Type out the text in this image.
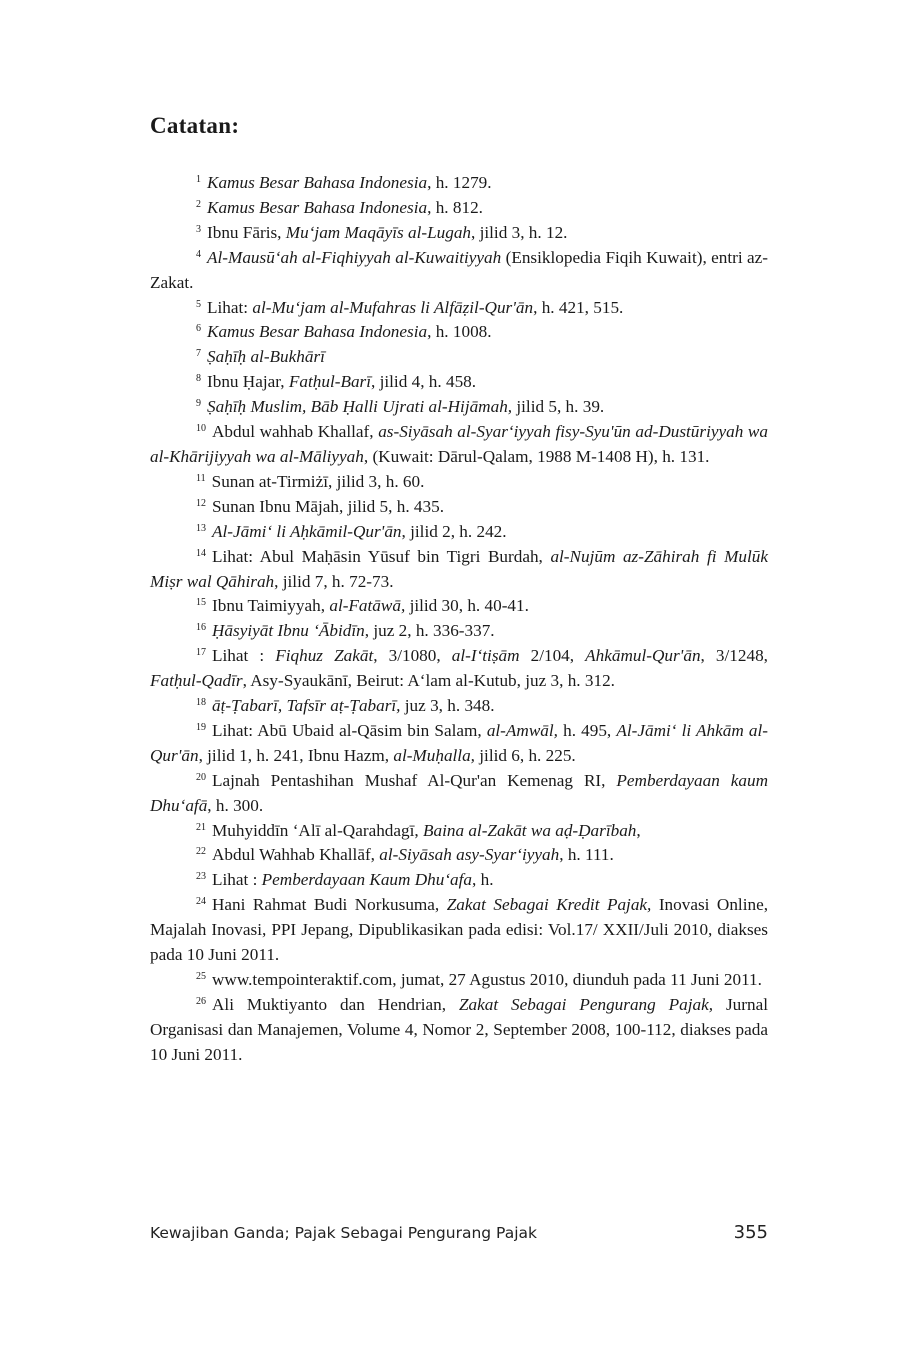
Catatan:

$^1$ Kamus Besar Bahasa Indonesia, h. 1279.

$^2$ Kamus Besar Bahasa Indonesia, h. 812.

$^3$ Ibnu Fāris, Mu‘jam Maqāyīs al-Lugah, jilid 3, h. 12.

$^4$ Al-Mausū‘ah al-Fiqhiyyah al-Kuwaitiyyah (Ensiklopedia Fiqih Kuwait), entri az-Zakat.

$^5$ Lihat: al-Mu‘jam al-Mufahras li Alfāẓil-Qur'ān, h. 421, 515.

$^6$ Kamus Besar Bahasa Indonesia, h. 1008.

$^7$ Ṣaḥīḥ al-Bukhārī

$^8$ Ibnu Ḥajar, Fatḥul-Barī, jilid 4, h. 458.

$^9$ Ṣaḥīḥ Muslim, Bāb Ḥalli Ujrati al-Hijāmah, jilid 5, h. 39.

$^{10}$ Abdul wahhab Khallaf, as-Siyāsah al-Syar‘iyyah fisy-Syu'ūn ad-Dustūriyyah wa al-Khārijiyyah wa al-Māliyyah, (Kuwait: Dārul-Qalam, 1988 M-1408 H), h. 131.

$^{11}$ Sunan at-Tirmiżī, jilid 3, h. 60.

$^{12}$ Sunan Ibnu Mājah, jilid 5, h. 435.

$^{13}$ Al-Jāmi‘ li Aḥkāmil-Qur'ān, jilid 2, h. 242.

$^{14}$ Lihat: Abul Maḥāsin Yūsuf bin Tigri Burdah, al-Nujūm az-Zāhirah fi Mulūk Miṣr wal Qāhirah, jilid 7, h. 72-73.

$^{15}$ Ibnu Taimiyyah, al-Fatāwā, jilid 30, h. 40-41.

$^{16}$ Ḥāsyiyāt Ibnu ‘Ābidīn, juz 2, h. 336-337.

$^{17}$ Lihat : Fiqhuz Zakāt, 3/1080, al-I‘tiṣām 2/104, Ahkāmul-Qur'ān, 3/1248, Fatḥul-Qadīr, Asy-Syaukānī, Beirut: A‘lam al-Kutub, juz 3, h. 312.

$^{18}$ āṭ-Ṭabarī, Tafsīr aṭ-Ṭabarī, juz 3, h. 348.

$^{19}$ Lihat: Abū Ubaid al-Qāsim bin Salam, al-Amwāl, h. 495, Al-Jāmi‘ li Ahkām al-Qur'ān, jilid 1, h. 241, Ibnu Hazm, al-Muḥalla, jilid 6, h. 225.

$^{20}$ Lajnah Pentashihan Mushaf Al-Qur'an Kemenag RI, Pemberdayaan kaum Dhu‘afā, h. 300.

$^{21}$ Muhyiddīn ‘Alī al-Qarahdagī, Baina al-Zakāt wa aḍ-Ḍarībah,

$^{22}$ Abdul Wahhab Khallāf, al-Siyāsah asy-Syar‘iyyah, h. 111.

$^{23}$ Lihat : Pemberdayaan Kaum Dhu‘afa, h.

$^{24}$ Hani Rahmat Budi Norkusuma, Zakat Sebagai Kredit Pajak, Inovasi Online, Majalah Inovasi, PPI Jepang, Dipublikasikan pada edisi: Vol.17/ XXII/Juli 2010, diakses pada 10 Juni 2011.

$^{25}$ www.tempointeraktif.com, jumat, 27 Agustus 2010, diunduh pada 11 Juni 2011.

$^{26}$ Ali Muktiyanto dan Hendrian, Zakat Sebagai Pengurang Pajak, Jurnal Organisasi dan Manajemen, Volume 4, Nomor 2, September 2008, 100-112, diakses pada 10 Juni 2011.

Kewajiban Ganda; Pajak Sebagai Pengurang Pajak	355
